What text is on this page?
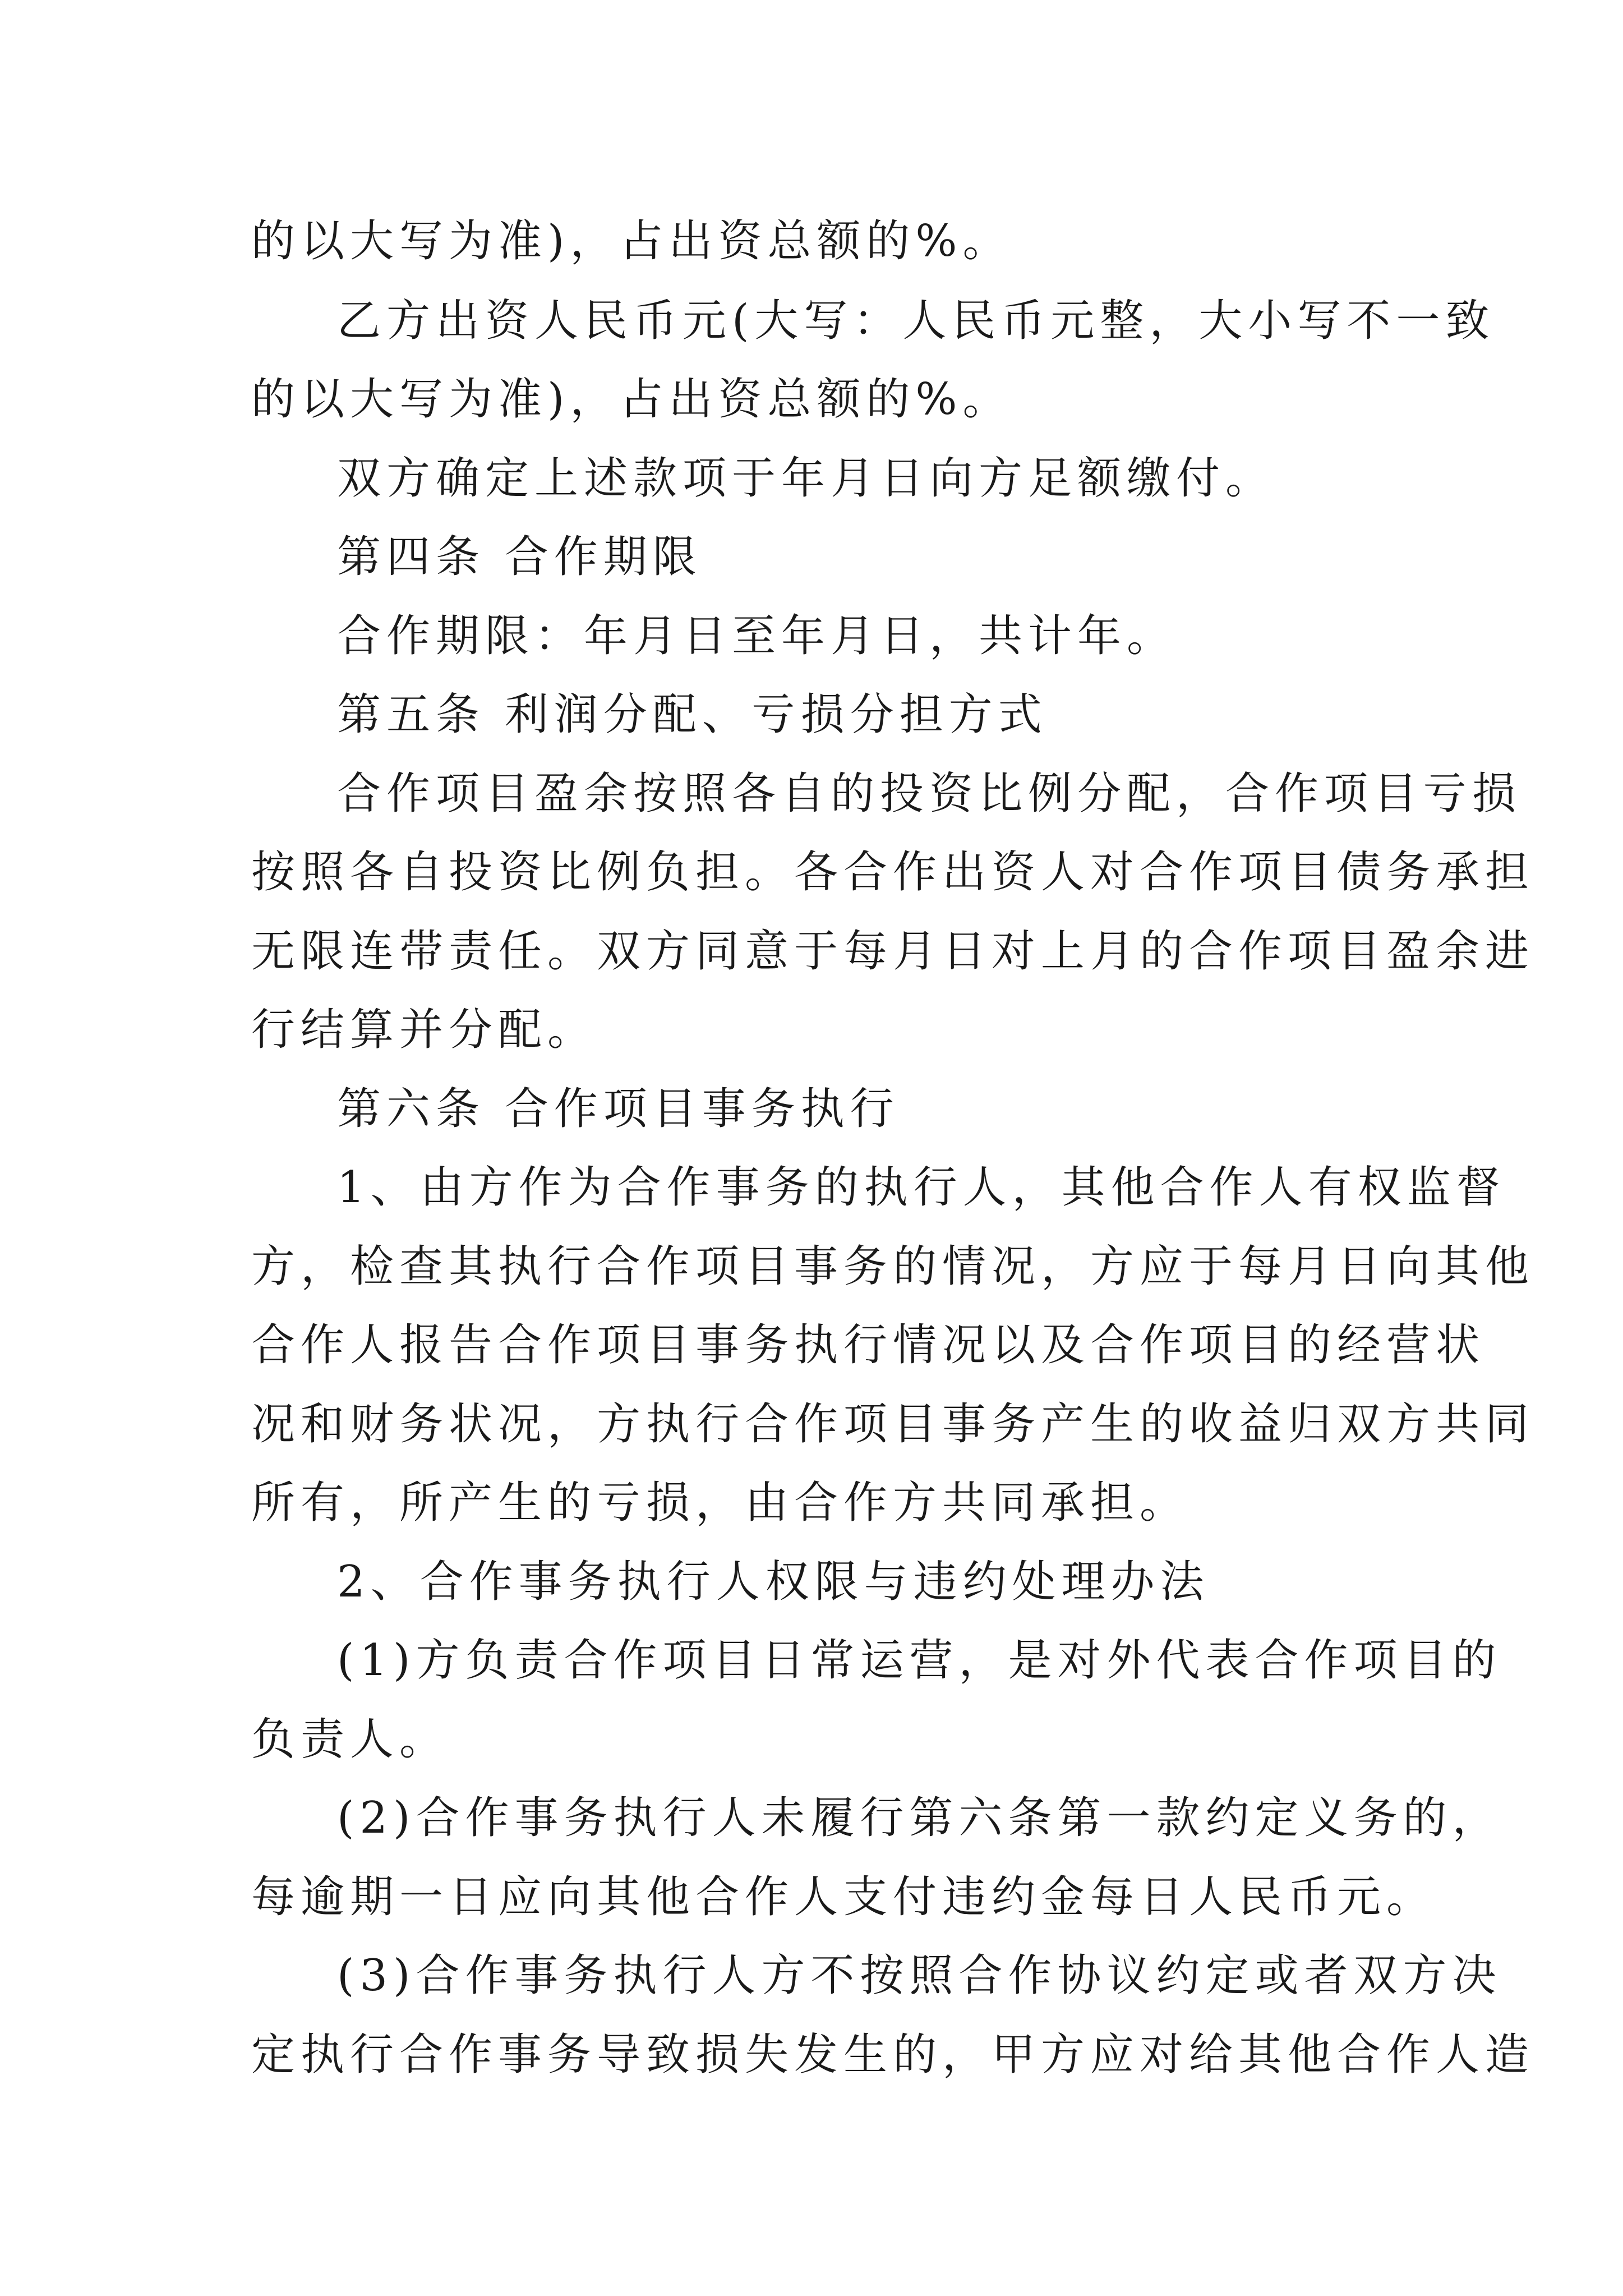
的以大写为准)，占出资总额的%。
乙方出资人民币元(大写：人民币元整，大小写不一致
的以大写为准)，占出资总额的%。
双方确定上述款项于年月日向方足额缴付。
第四条 合作期限
合作期限：年月日至年月日，共计年。
第五条 利润分配、亏损分担方式
合作项目盈余按照各自的投资比例分配，合作项目亏损
按照各自投资比例负担。各合作出资人对合作项目债务承担
无限连带责任。双方同意于每月日对上月的合作项目盈余进
行结算并分配。
第六条 合作项目事务执行
1、由方作为合作事务的执行人，其他合作人有权监督
方，检查其执行合作项目事务的情况，方应于每月日向其他
合作人报告合作项目事务执行情况以及合作项目的经营状
况和财务状况，方执行合作项目事务产生的收益归双方共同
所有，所产生的亏损，由合作方共同承担。
2、合作事务执行人权限与违约处理办法
(1)方负责合作项目日常运营，是对外代表合作项目的
负责人。
(2)合作事务执行人未履行第六条第一款约定义务的，
每逾期一日应向其他合作人支付违约金每日人民币元。
(3)合作事务执行人方不按照合作协议约定或者双方决
定执行合作事务导致损失发生的，甲方应对给其他合作人造
